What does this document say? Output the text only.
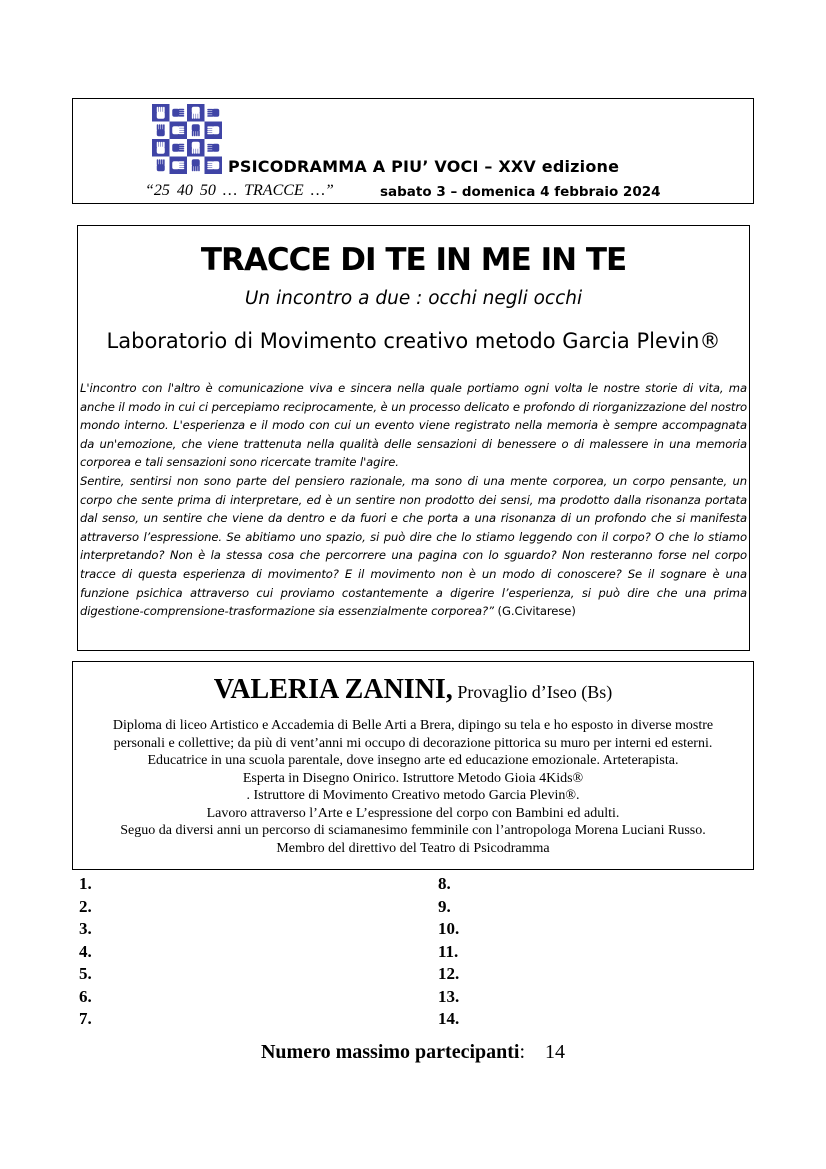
PSICODRAMMA A PIU’ VOCI – XXV edizione
“25 40 50 … TRACCE …”	sabato 3 – domenica 4 febbraio 2024
TRACCE DI TE IN ME IN TE
Un incontro a due : occhi negli occhi
Laboratorio di Movimento creativo metodo Garcia Plevin®

L'incontro con l'altro è comunicazione viva e sincera nella quale portiamo ogni volta le nostre storie di vita, ma anche il modo in cui ci percepiamo reciprocamente, è un processo delicato e profondo di riorganizzazione del nostro mondo interno. L'esperienza e il modo con cui un evento viene registrato nella memoria è sempre accompagnata da un'emozione, che viene trattenuta nella qualità delle sensazioni di benessere o di malessere in una memoria corporea e tali sensazioni sono ricercate tramite l'agire.

Sentire, sentirsi non sono parte del pensiero razionale, ma sono di una mente corporea, un corpo pensante, un corpo che sente prima di interpretare, ed è un sentire non prodotto dei sensi, ma prodotto dalla risonanza portata dal senso, un sentire che viene da dentro e da fuori e che porta a una risonanza di un profondo che si manifesta attraverso l’espressione. Se abitiamo uno spazio, si può dire che lo stiamo leggendo con il corpo? O che lo stiamo interpretando? Non è la stessa cosa che percorrere una pagina con lo sguardo? Non resteranno forse nel corpo tracce di questa esperienza di movimento? E il movimento non è un modo di conoscere? Se il sognare è una funzione psichica attraverso cui proviamo costantemente a digerire l’esperienza, si può dire che una prima digestione-comprensione-trasformazione sia essenzialmente corporea?” (G.Civitarese)

VALERIA ZANINI, Provaglio d’Iseo (Bs)
Diploma di liceo Artistico e Accademia di Belle Arti a Brera, dipingo su tela e ho esposto in diverse mostre
personali e collettive; da più di vent’anni mi occupo di decorazione pittorica su muro per interni ed esterni.
Educatrice in una scuola parentale, dove insegno arte ed educazione emozionale. Arteterapista.
Esperta in Disegno Onirico. Istruttore Metodo Gioia 4Kids®
. Istruttore di Movimento Creativo metodo Garcia Plevin®.
Lavoro attraverso l’Arte e L’espressione del corpo con Bambini ed adulti.
Seguo da diversi anni un percorso di sciamanesimo femminile con l’antropologa Morena Luciani Russo.
Membro del direttivo del Teatro di Psicodramma
1.
2.
3.
4.
5.
6.
7.
8.
9.
10.
11.
12.
13.
14.
Numero massimo partecipanti: 14
